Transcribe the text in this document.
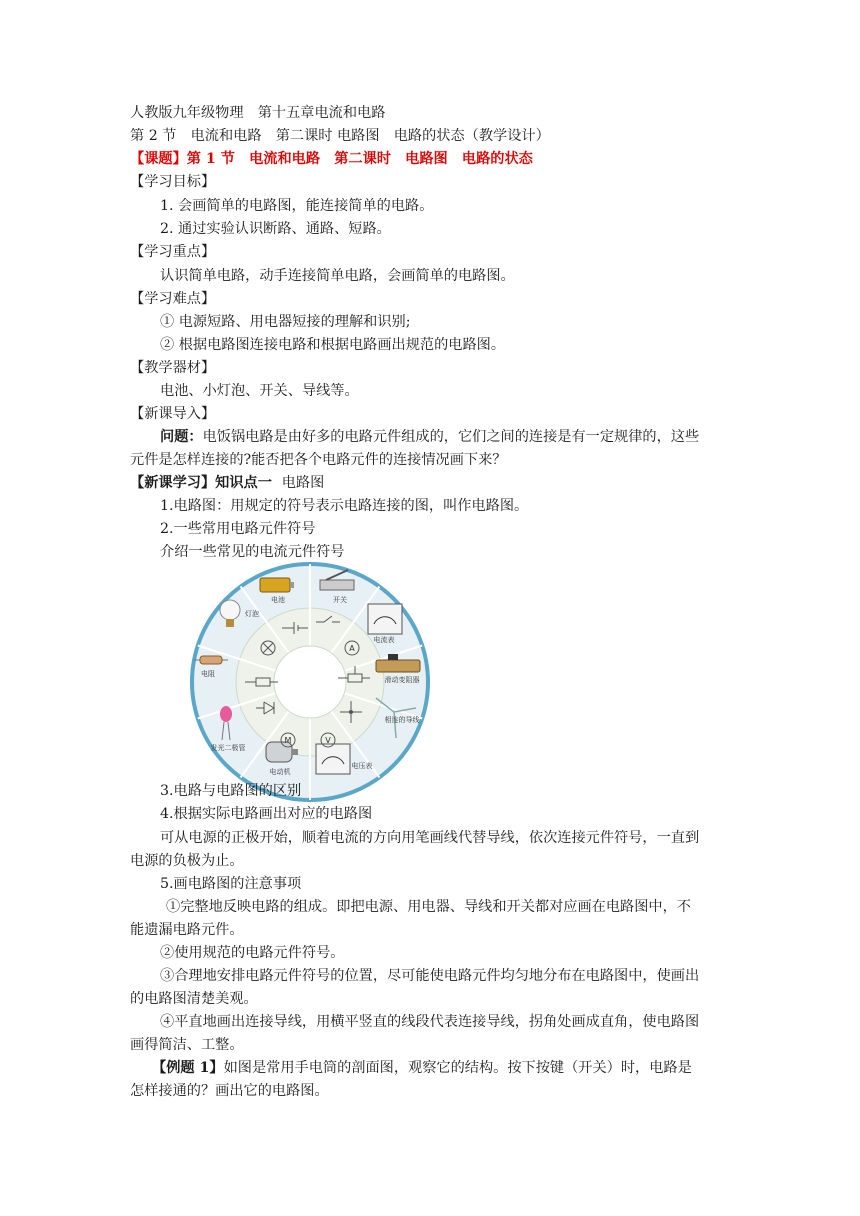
人教版九年级物理　第十五章电流和电路
第 2 节　电流和电路　第二课时 电路图　电路的状态（教学设计）
【课题】第 1 节　电流和电路　第二课时　电路图　电路的状态
【学习目标】
1. 会画简单的电路图，能连接简单的电路。
2. 通过实验认识断路、通路、短路。
【学习重点】
认识简单电路，动手连接简单电路，会画简单的电路图。
【学习难点】
① 电源短路、用电器短接的理解和识别;
② 根据电路图连接电路和根据电路画出规范的电路图。
【教学器材】
电池、小灯泡、开关、导线等。
【新课导入】
问题：电饭锅电路是由好多的电路元件组成的，它们之间的连接是有一定规律的，这些
元件是怎样连接的?能否把各个电路元件的连接情况画下来？
【新课学习】知识点一 电路图
1.电路图：用规定的符号表示电路连接的图，叫作电路图。
2.一些常用电路元件符号
介绍一些常见的电流元件符号
A
V
M
电池	开关
电流表
滑动变阻器
相连的导线
电压表
电动机
发光二极管
电阻
灯泡
3.电路与电路图的区别
4.根据实际电路画出对应的电路图
可从电源的正极开始，顺着电流的方向用笔画线代替导线，依次连接元件符号，一直到
电源的负极为止。
5.画电路图的注意事项
①完整地反映电路的组成。即把电源、用电器、导线和开关都对应画在电路图中，不
能遗漏电路元件。
②使用规范的电路元件符号。
③合理地安排电路元件符号的位置，尽可能使电路元件均匀地分布在电路图中，使画出
的电路图清楚美观。
④平直地画出连接导线，用横平竖直的线段代表连接导线，拐角处画成直角，使电路图
画得简洁、工整。
【例题 1】如图是常用手电筒的剖面图，观察它的结构。按下按键（开关）时，电路是
怎样接通的？画出它的电路图。
